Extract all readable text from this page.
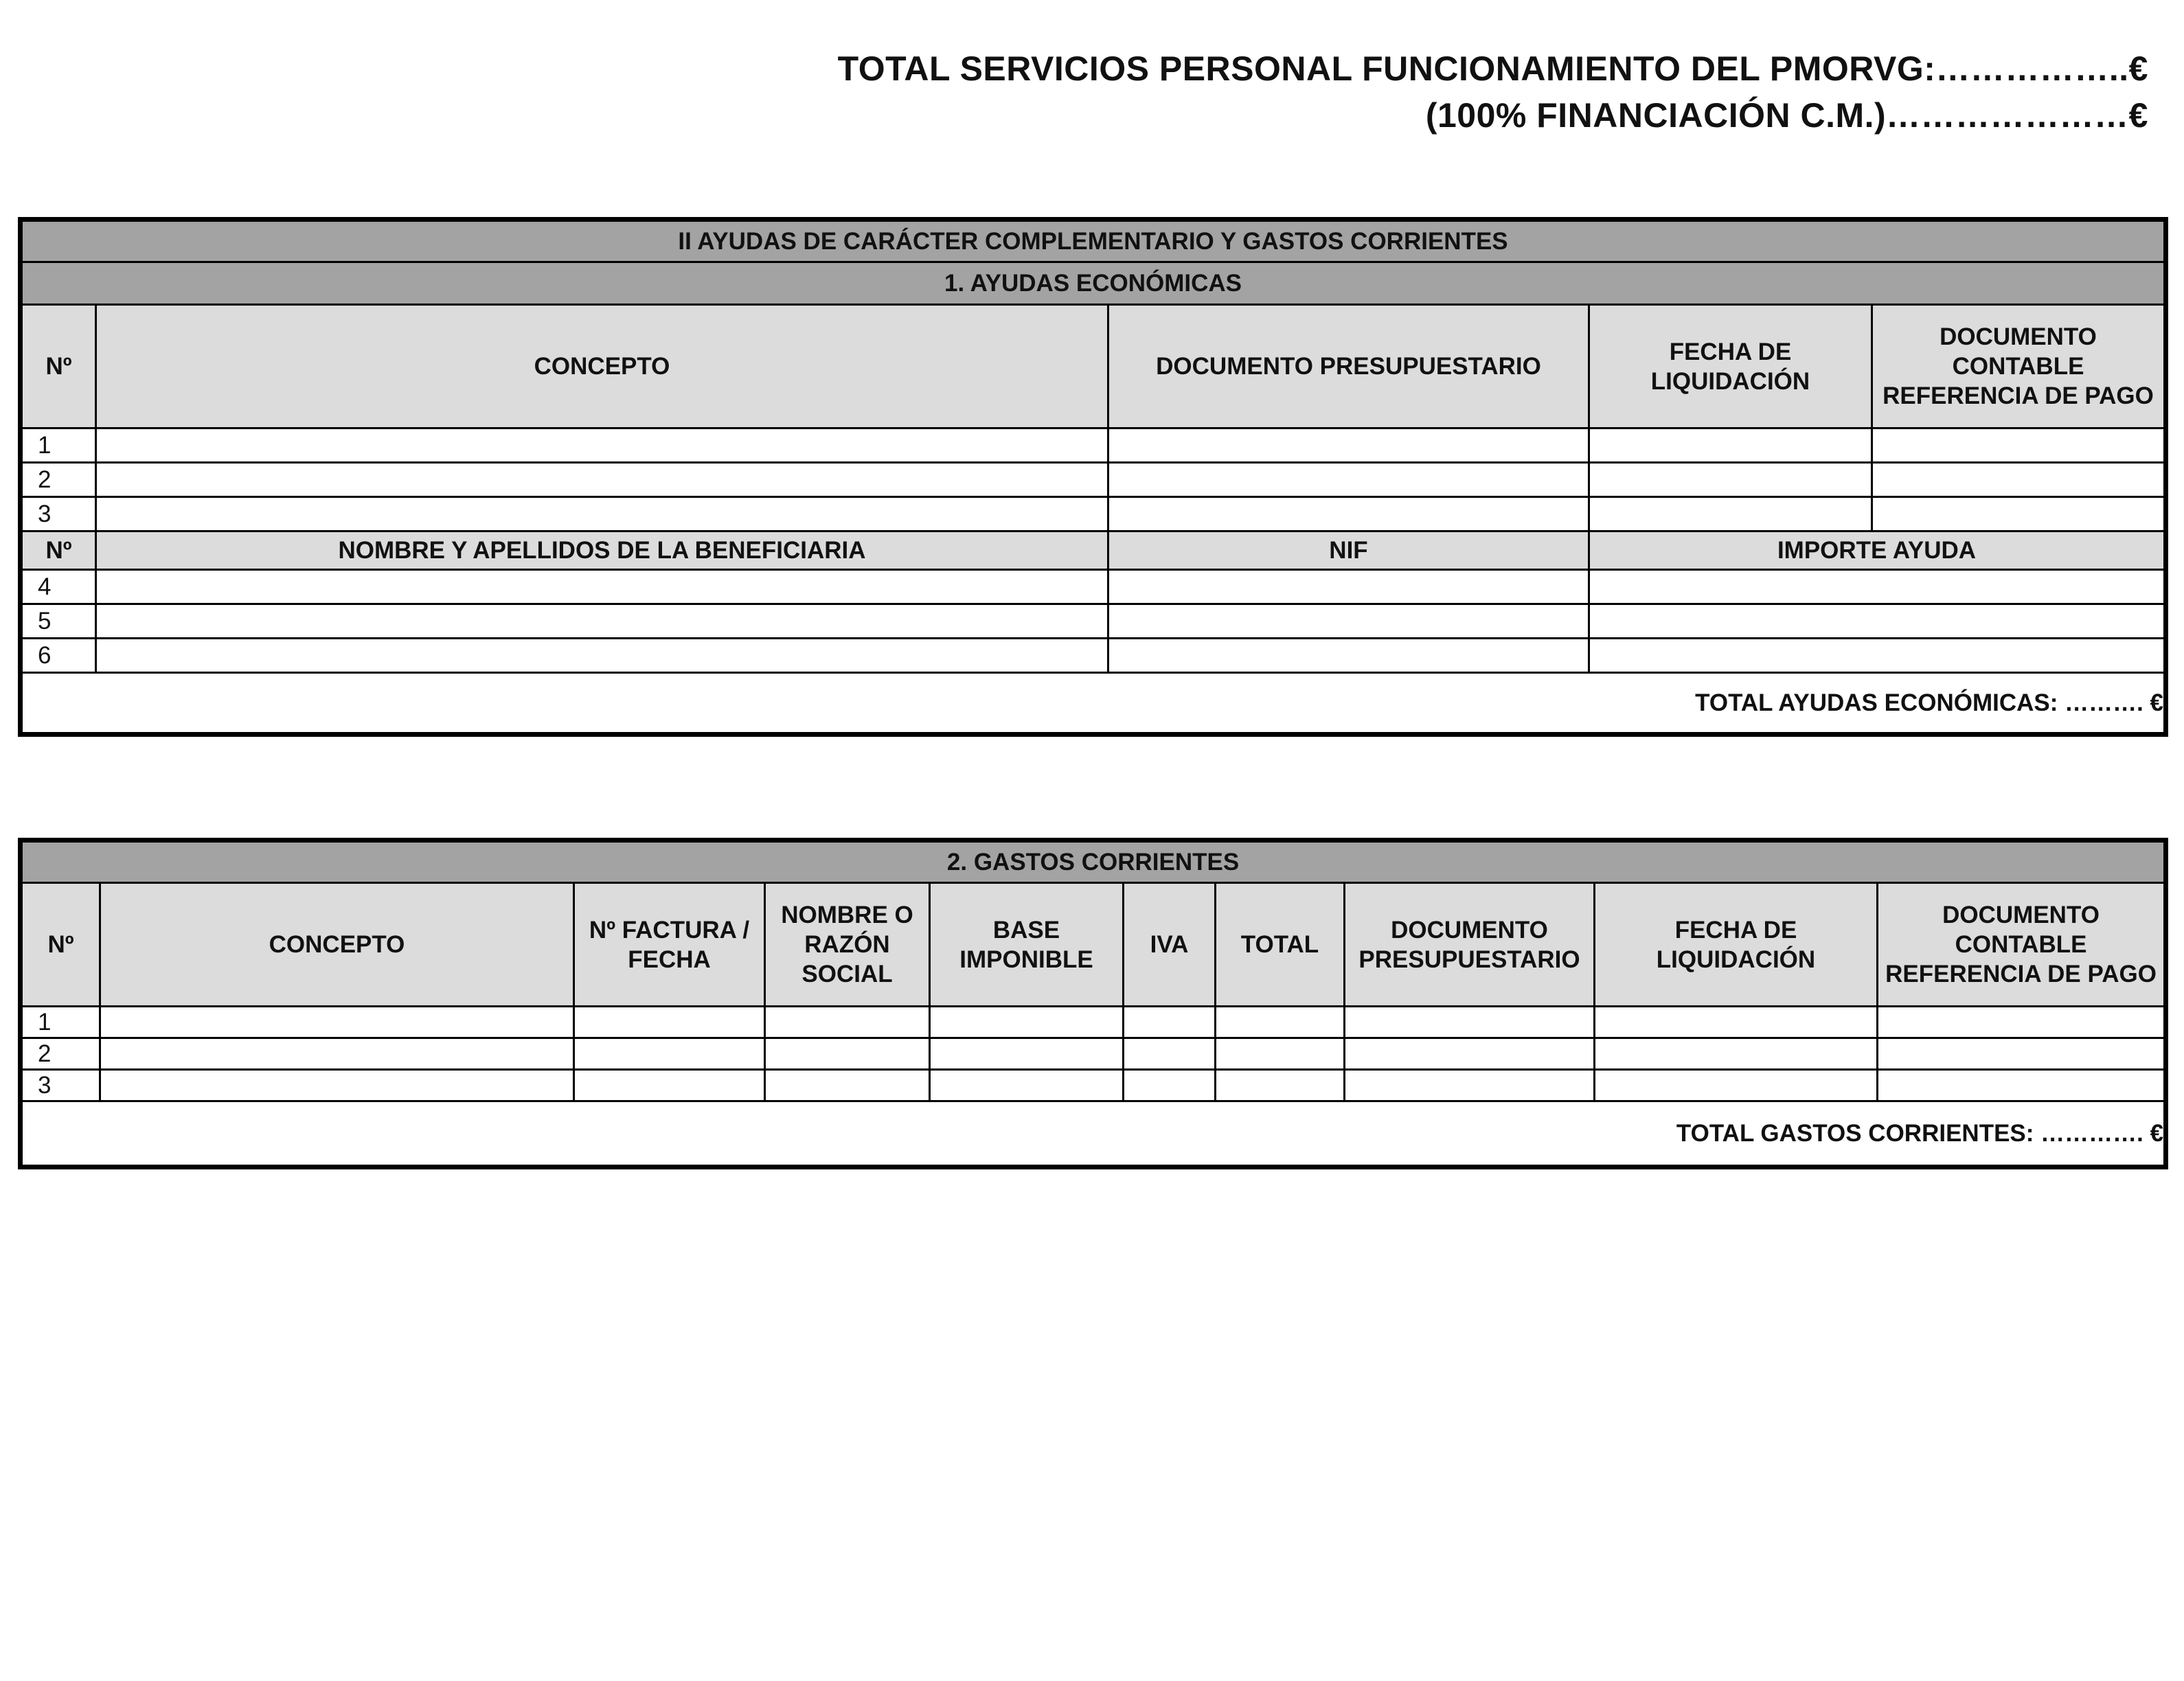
TOTAL SERVICIOS PERSONAL FUNCIONAMIENTO DEL PMORVG:……………..€
(100% FINANCIACIÓN C.M.)…………………€
II AYUDAS DE CARÁCTER COMPLEMENTARIO Y GASTOS CORRIENTES				
1. AYUDAS ECONÓMICAS				
Nº	CONCEPTO	DOCUMENTO PRESUPUESTARIO	FECHA DE LIQUIDACIÓN	DOCUMENTO CONTABLE REFERENCIA DE PAGO
1				
2				
3				
Nº	NOMBRE Y APELLIDOS DE LA BENEFICIARIA	NIF	IMPORTE AYUDA	
4				
5				
6				
TOTAL AYUDAS ECONÓMICAS: ………. €				
2. GASTOS CORRIENTES									
Nº	CONCEPTO	Nº FACTURA / FECHA	NOMBRE O RAZÓN SOCIAL	BASE IMPONIBLE	IVA	TOTAL	DOCUMENTO PRESUPUESTARIO	FECHA DE LIQUIDACIÓN	DOCUMENTO CONTABLE REFERENCIA DE PAGO
1									
2									
3									
TOTAL GASTOS CORRIENTES: …………. €									
